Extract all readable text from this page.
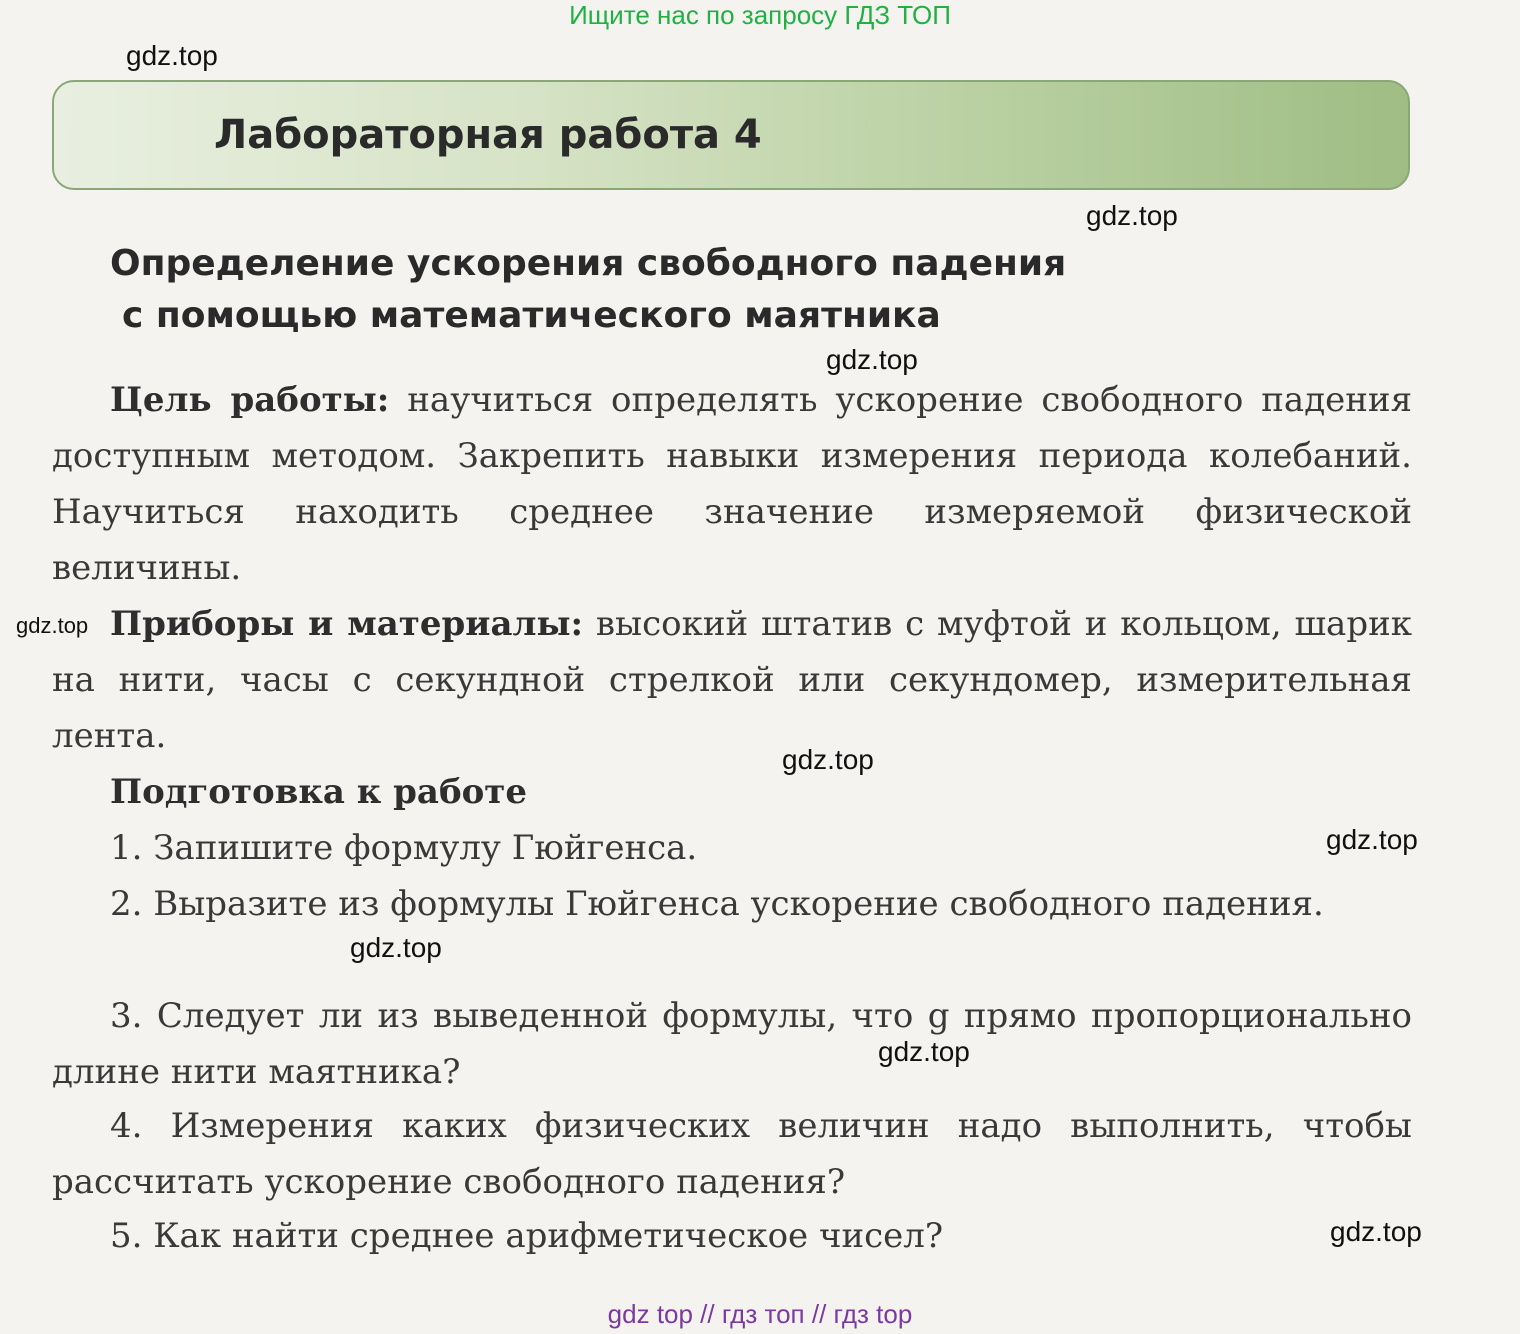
Ищите нас по запросу ГДЗ ТОП
gdz.top
Лабораторная работа 4
gdz.top
Определение ускорения свободного падения
с помощью математического маятника
gdz.top
Цель работы: научиться определять ускорение свободного падения доступным методом. Закрепить навыки измерения периода колебаний. Научиться находить среднее значение измеряемой физической величины.
gdz.top Приборы и материалы: высокий штатив с муфтой и кольцом, шарик на нити, часы с секундной стрелкой или секундомер, измерительная лента.
gdz.top
Подготовка к работе
1. Запишите формулу Гюйгенса.	gdz.top
2. Выразите из формулы Гюйгенса ускорение свободного падения.
gdz.top
3. Следует ли из выведенной формулы, что g прямо пропорционально длине нити маятника?
gdz.top
4. Измерения каких физических величин надо выполнить, чтобы рассчитать ускорение свободного падения?
5. Как найти среднее арифметическое чисел?	gdz.top
gdz top // гдз топ // гдз top
